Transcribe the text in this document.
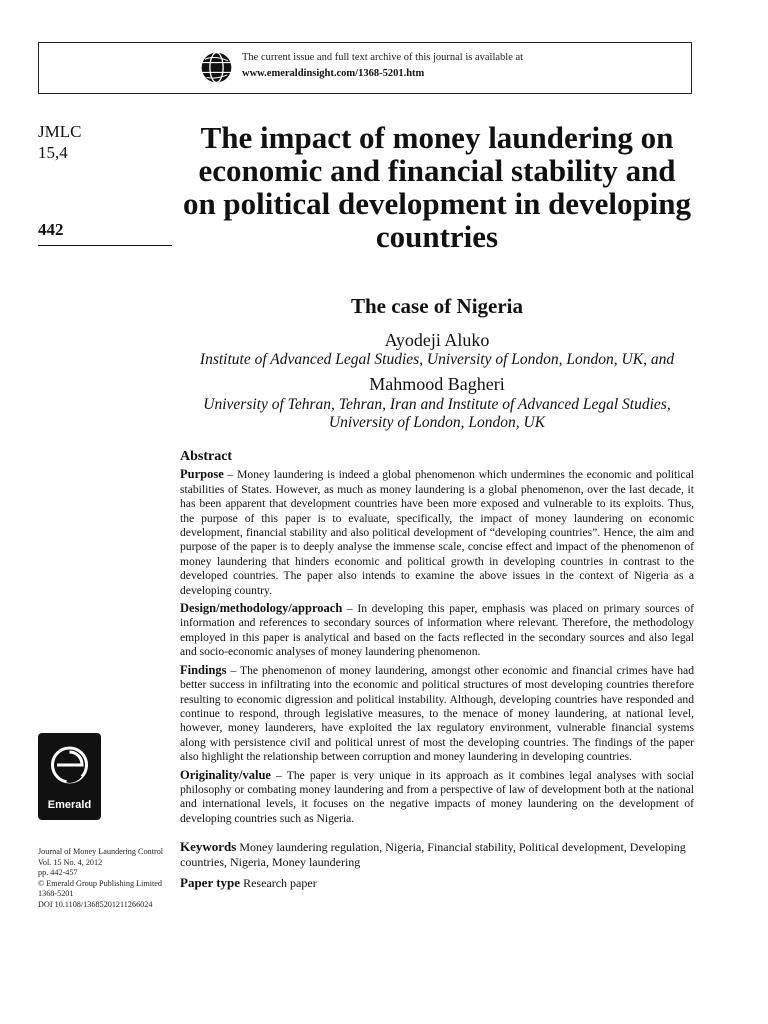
The current issue and full text archive of this journal is available at
www.emeraldinsight.com/1368-5201.htm
JMLC
15,4
442
The impact of money laundering on economic and financial stability and on political development in developing countries
The case of Nigeria
Ayodeji Aluko
Institute of Advanced Legal Studies, University of London, London, UK, and
Mahmood Bagheri
University of Tehran, Tehran, Iran and Institute of Advanced Legal Studies, University of London, London, UK
Abstract

Purpose – Money laundering is indeed a global phenomenon which undermines the economic and political stabilities of States. However, as much as money laundering is a global phenomenon, over the last decade, it has been apparent that development countries have been more exposed and vulnerable to its exploits. Thus, the purpose of this paper is to evaluate, specifically, the impact of money laundering on economic development, financial stability and also political development of “developing countries”. Hence, the aim and purpose of the paper is to deeply analyse the immense scale, concise effect and impact of the phenomenon of money laundering that hinders economic and political growth in developing countries in contrast to the developed countries. The paper also intends to examine the above issues in the context of Nigeria as a developing country.

Design/methodology/approach – In developing this paper, emphasis was placed on primary sources of information and references to secondary sources of information where relevant. Therefore, the methodology employed in this paper is analytical and based on the facts reflected in the secondary sources and also legal and socio-economic analyses of money laundering phenomenon.

Findings – The phenomenon of money laundering, amongst other economic and financial crimes have had better success in infiltrating into the economic and political structures of most developing countries therefore resulting to economic digression and political instability. Although, developing countries have responded and continue to respond, through legislative measures, to the menace of money laundering, at national level, however, money launderers, have exploited the lax regulatory environment, vulnerable financial systems along with persistence civil and political unrest of most the developing countries. The findings of the paper also highlight the relationship between corruption and money laundering in developing countries.

Originality/value – The paper is very unique in its approach as it combines legal analyses with social philosophy or combating money laundering and from a perspective of law of development both at the national and international levels, it focuses on the negative impacts of money laundering on the development of developing countries such as Nigeria.

Keywords Money laundering regulation, Nigeria, Financial stability, Political development, Developing countries, Nigeria, Money laundering
Paper type Research paper
Emerald
Journal of Money Laundering Control
Vol. 15 No. 4, 2012
pp. 442-457
© Emerald Group Publishing Limited
1368-5201
DOI 10.1108/13685201211266024
